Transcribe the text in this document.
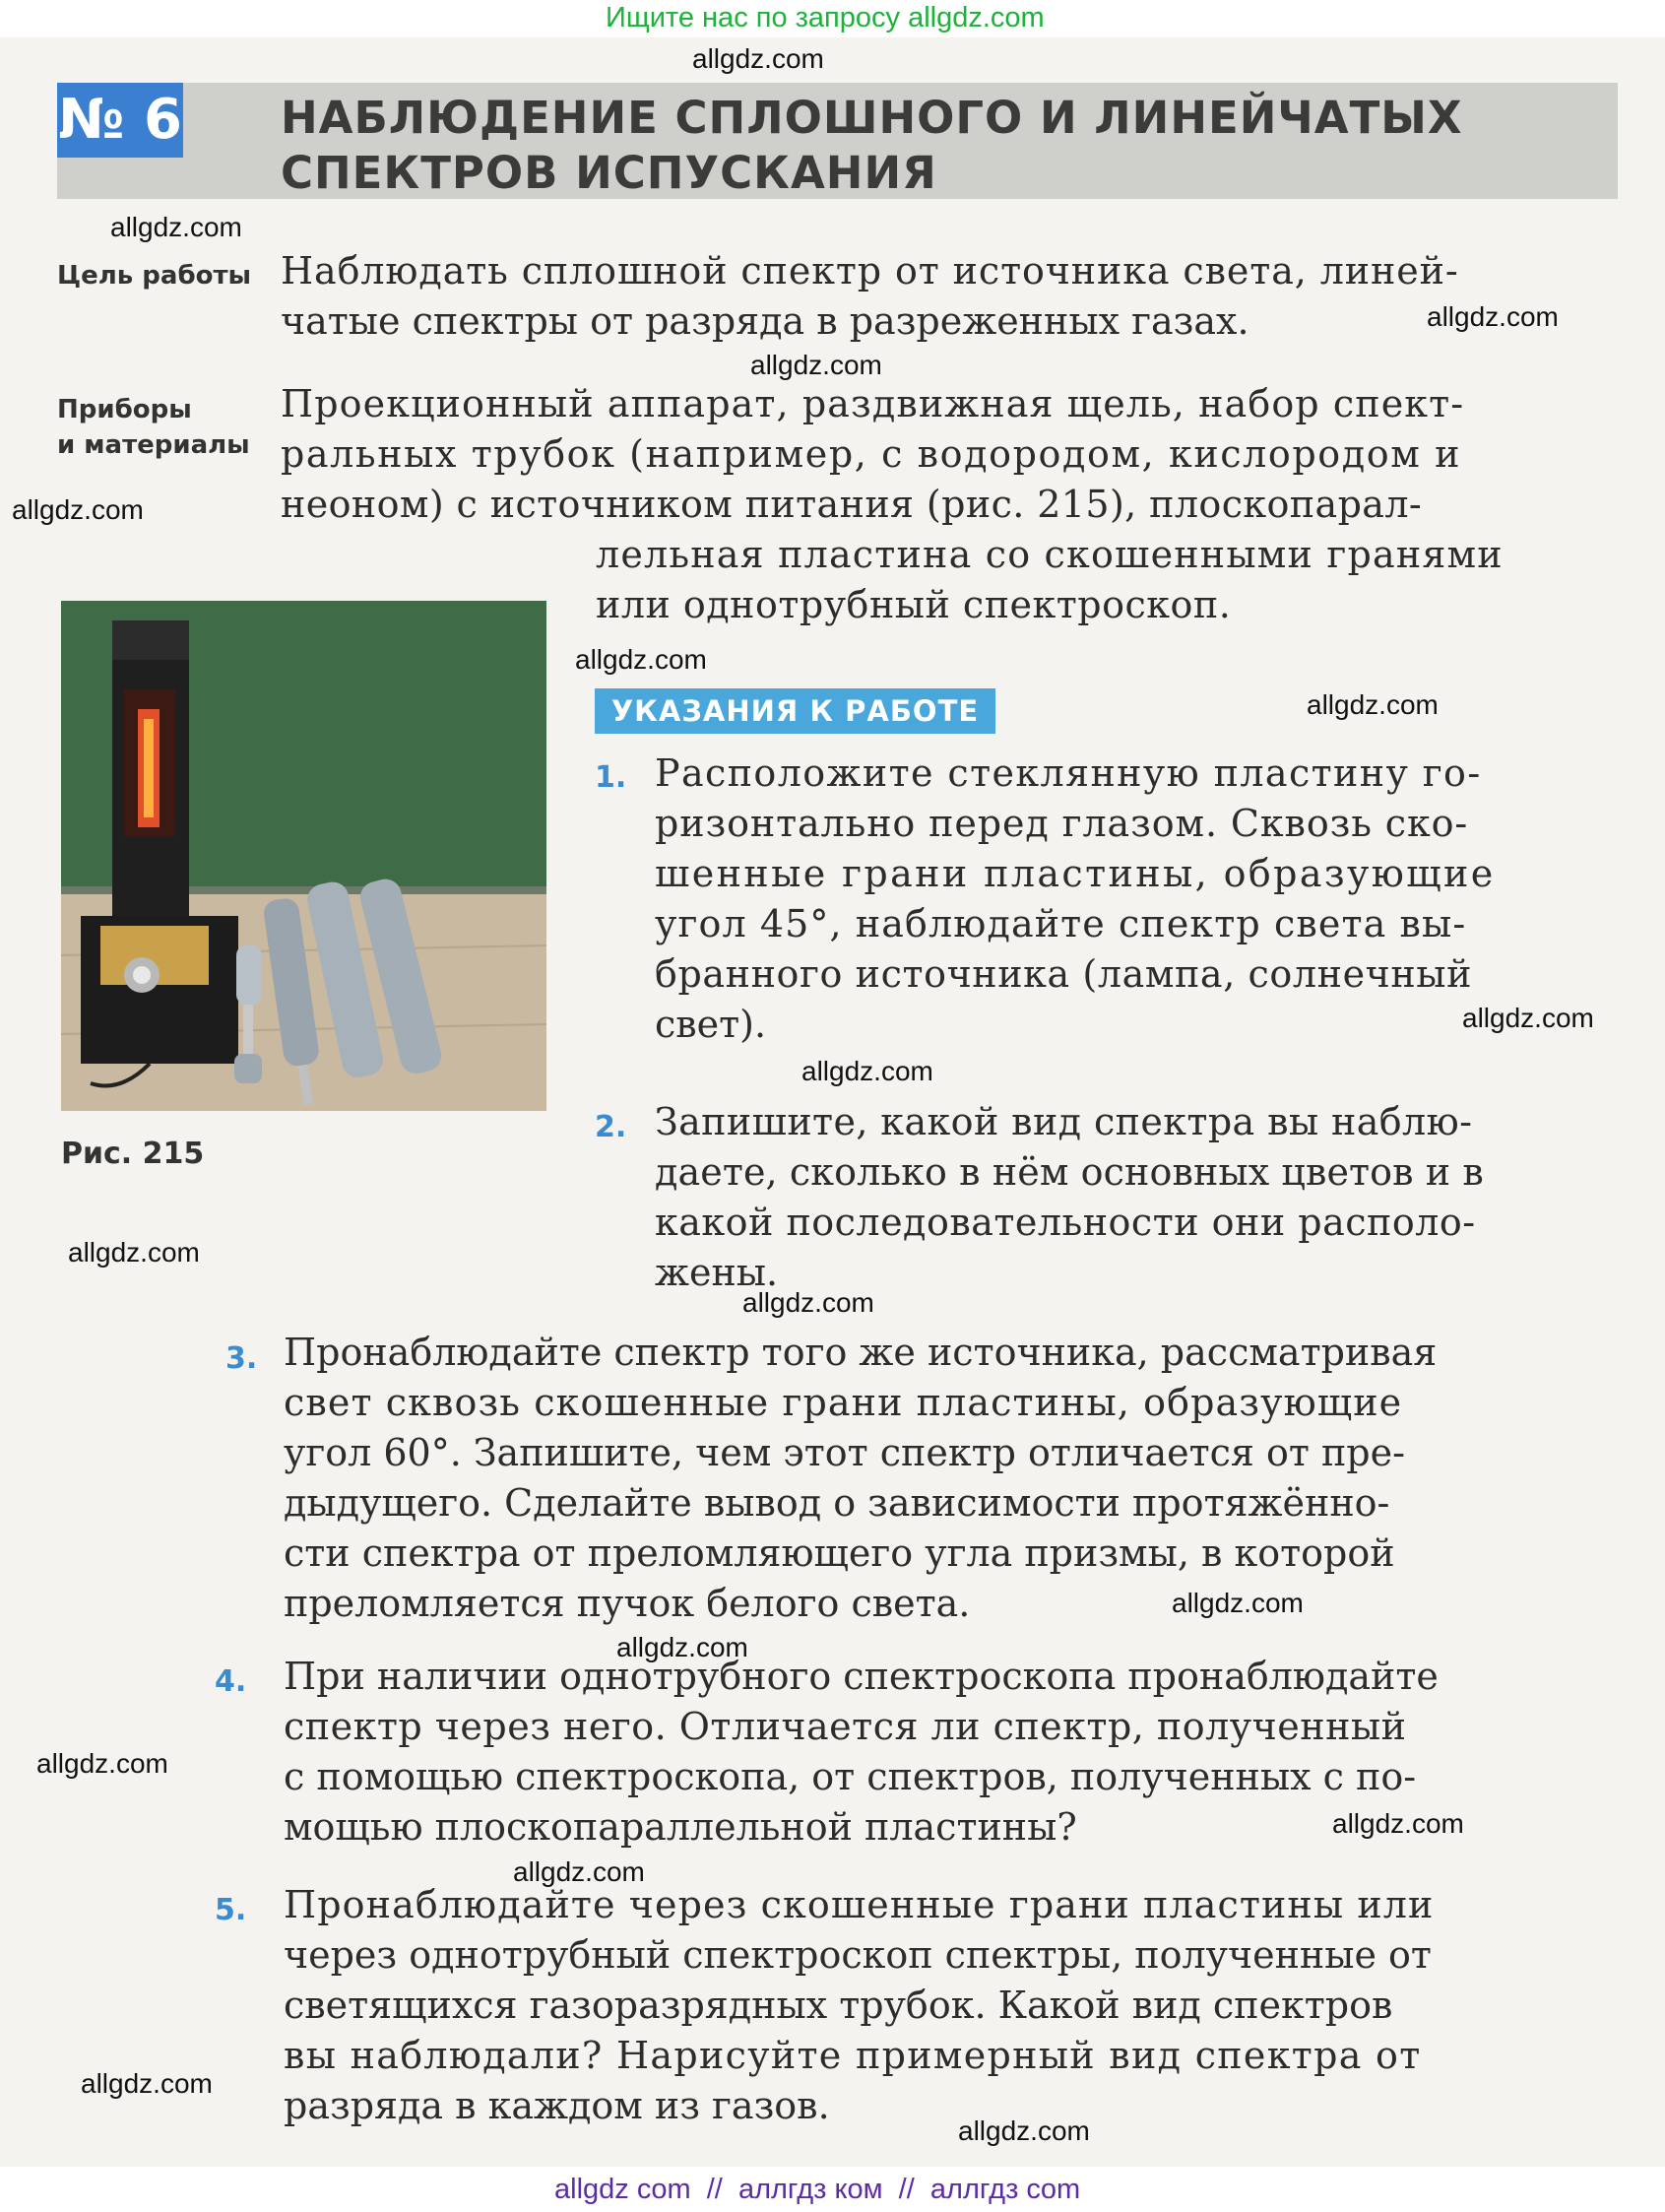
Ищите нас по запросу allgdz.com
№ 6 НАБЛЮДЕНИЕ СПЛОШНОГО И ЛИНЕЙЧАТЫХ
СПЕКТРОВ ИСПУСКАНИЯ
Цель работы Наблюдать сплошной спектр от источника света, линей-
чатые спектры от разряда в разреженных газах.
Приборы
и материалы
Проекционный аппарат, раздвижная щель, набор спект-
ральных трубок (например, с водородом, кислородом и
неоном) с источником питания (рис. 215), плоскопарал-
лельная пластина со скошенными гранями
или однотрубный спектроскоп.
Рис. 215
УКАЗАНИЯ К РАБОТЕ
1. Расположите стеклянную пластину го-
ризонтально перед глазом. Сквозь ско-
шенные грани пластины, образующие
угол 45°, наблюдайте спектр света вы-
бранного источника (лампа, солнечный
свет).
2. Запишите, какой вид спектра вы наблю-
даете, сколько в нём основных цветов и в
какой последовательности они располо-
жены.
3. Пронаблюдайте спектр того же источника, рассматривая
свет сквозь скошенные грани пластины, образующие
угол 60°. Запишите, чем этот спектр отличается от пре-
дыдущего. Сделайте вывод о зависимости протяжённо-
сти спектра от преломляющего угла призмы, в которой
преломляется пучок белого света.
4. При наличии однотрубного спектроскопа пронаблюдайте
спектр через него. Отличается ли спектр, полученный
с помощью спектроскопа, от спектров, полученных с по-
мощью плоскопараллельной пластины?
5. Пронаблюдайте через скошенные грани пластины или
через однотрубный спектроскоп спектры, полученные от
светящихся газоразрядных трубок. Какой вид спектров
вы наблюдали? Нарисуйте примерный вид спектра от
разряда в каждом из газов.
allgdz.com
allgdz.com
allgdz.com
allgdz.com
allgdz.com
allgdz.com
allgdz.com
allgdz.com
allgdz.com
allgdz.com
allgdz.com
allgdz.com
allgdz.com
allgdz.com
allgdz.com
allgdz.com
allgdz.com
allgdz.com
allgdz com  //  аллгдз ком  //  аллгдз com
